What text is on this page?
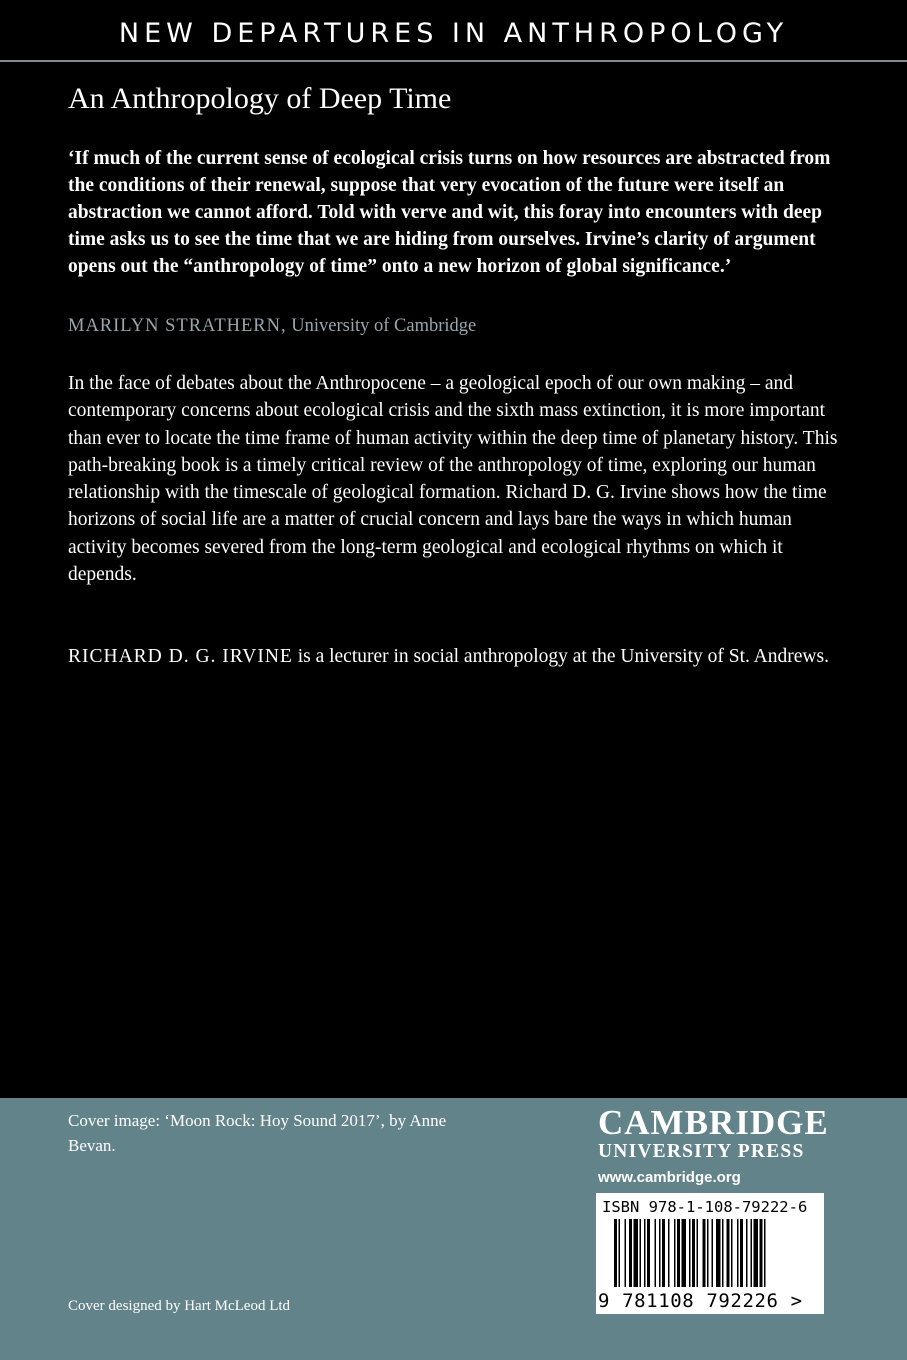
NEW DEPARTURES IN ANTHROPOLOGY
An Anthropology of Deep Time

‘If much of the current sense of ecological crisis turns on how resources are abstracted from the conditions of their renewal, suppose that very evocation of the future were itself an abstraction we cannot afford. Told with verve and wit, this foray into encounters with deep time asks us to see the time that we are hiding from ourselves. Irvine’s clarity of argument opens out the “anthropology of time” onto a new horizon of global significance.’

MARILYN STRATHERN, University of Cambridge

In the face of debates about the Anthropocene – a geological epoch of our own making – and contemporary concerns about ecological crisis and the sixth mass extinction, it is more important than ever to locate the time frame of human activity within the deep time of planetary history. This path-breaking book is a timely critical review of the anthropology of time, exploring our human relationship with the timescale of geological formation. Richard D. G. Irvine shows how the time horizons of social life are a matter of crucial concern and lays bare the ways in which human activity becomes severed from the long-term geological and ecological rhythms on which it depends.

RICHARD D. G. IRVINE is a lecturer in social anthropology at the University of St. Andrews.

Cover image: ‘Moon Rock: Hoy Sound 2017’, by Anne Bevan.

Cover designed by Hart McLeod Ltd

CAMBRIDGE
UNIVERSITY PRESS
www.cambridge.org
ISBN 978-1-108-79222-6
9 781108 792226 >
